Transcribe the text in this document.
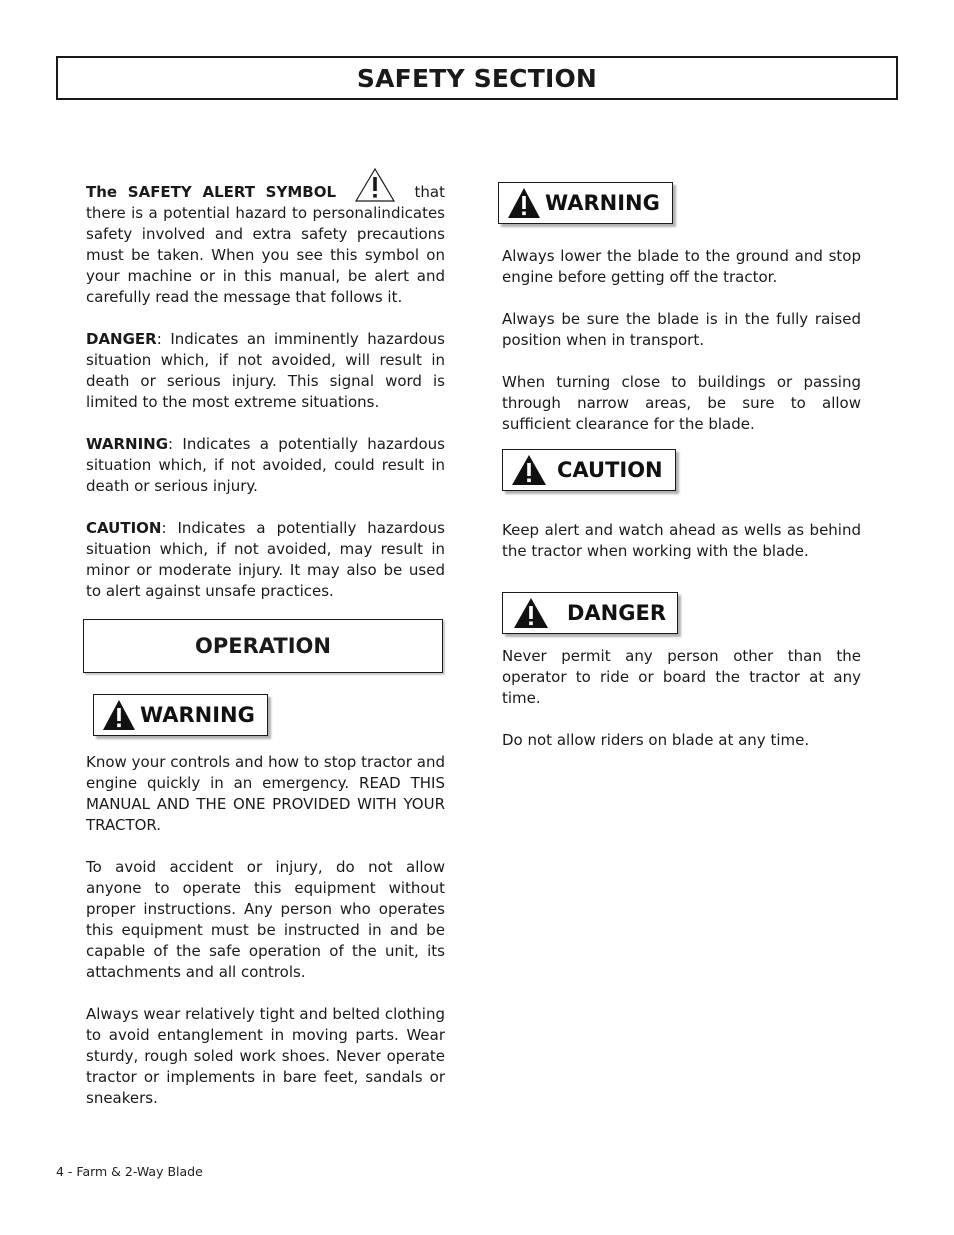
SAFETY SECTION

The SAFETY ALERT SYMBOL
indicates
that there is a potential hazard to personal safety involved and extra safety precautions must be taken. When you see this symbol on your machine or in this manual, be alert and carefully read the message that follows it.

DANGER: Indicates an imminently hazardous situation which, if not avoided, will result in death or serious injury. This signal word is limited to the most extreme situations.

WARNING: Indicates a potentially hazardous situation which, if not avoided, could result in death or serious injury.

CAUTION: Indicates a potentially hazardous situation which, if not avoided, may result in minor or moderate injury. It may also be used to alert against unsafe practices.

OPERATION
WARNING

Know your controls and how to stop tractor and engine quickly in an emergency. READ THIS MANUAL AND THE ONE PROVIDED WITH YOUR TRACTOR.

To avoid accident or injury, do not allow anyone to operate this equipment without proper instructions. Any person who operates this equipment must be instructed in and be capable of the safe operation of the unit, its attachments and all controls.

Always wear relatively tight and belted clothing to avoid entanglement in moving parts. Wear sturdy, rough soled work shoes. Never operate tractor or implements in bare feet, sandals or sneakers.

WARNING

Always lower the blade to the ground and stop engine before getting off the tractor.

Always be sure the blade is in the fully raised position when in transport.

When turning close to buildings or passing through narrow areas, be sure to allow sufficient clearance for the blade.

CAUTION

Keep alert and watch ahead as wells as behind the tractor when working with the blade.

DANGER

Never permit any person other than the operator to ride or board the tractor at any time.

Do not allow riders on blade at any time.

4 - Farm & 2-Way Blade
